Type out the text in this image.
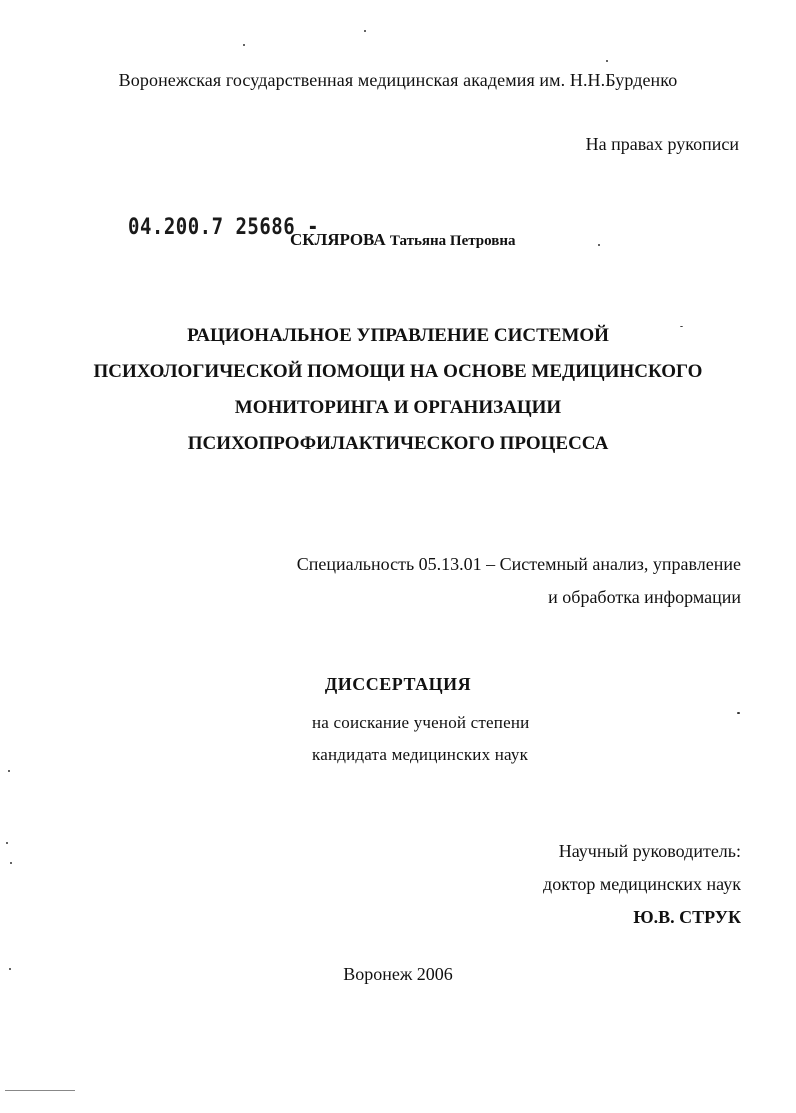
Воронежская государственная медицинская академия им. Н.Н.Бурденко
На правах рукописи
04.200.7 25686 -
СКЛЯРОВА Татьяна Петровна
РАЦИОНАЛЬНОЕ УПРАВЛЕНИЕ СИСТЕМОЙ
ПСИХОЛОГИЧЕСКОЙ ПОМОЩИ НА ОСНОВЕ МЕДИЦИНСКОГО
МОНИТОРИНГА И ОРГАНИЗАЦИИ
ПСИХОПРОФИЛАКТИЧЕСКОГО ПРОЦЕССА
Специальность 05.13.01 – Системный анализ, управление
и обработка информации
ДИССЕРТАЦИЯ
на соискание ученой степени
кандидата медицинских наук
Научный руководитель:
доктор медицинских наук
Ю.В. СТРУК
Воронеж 2006
